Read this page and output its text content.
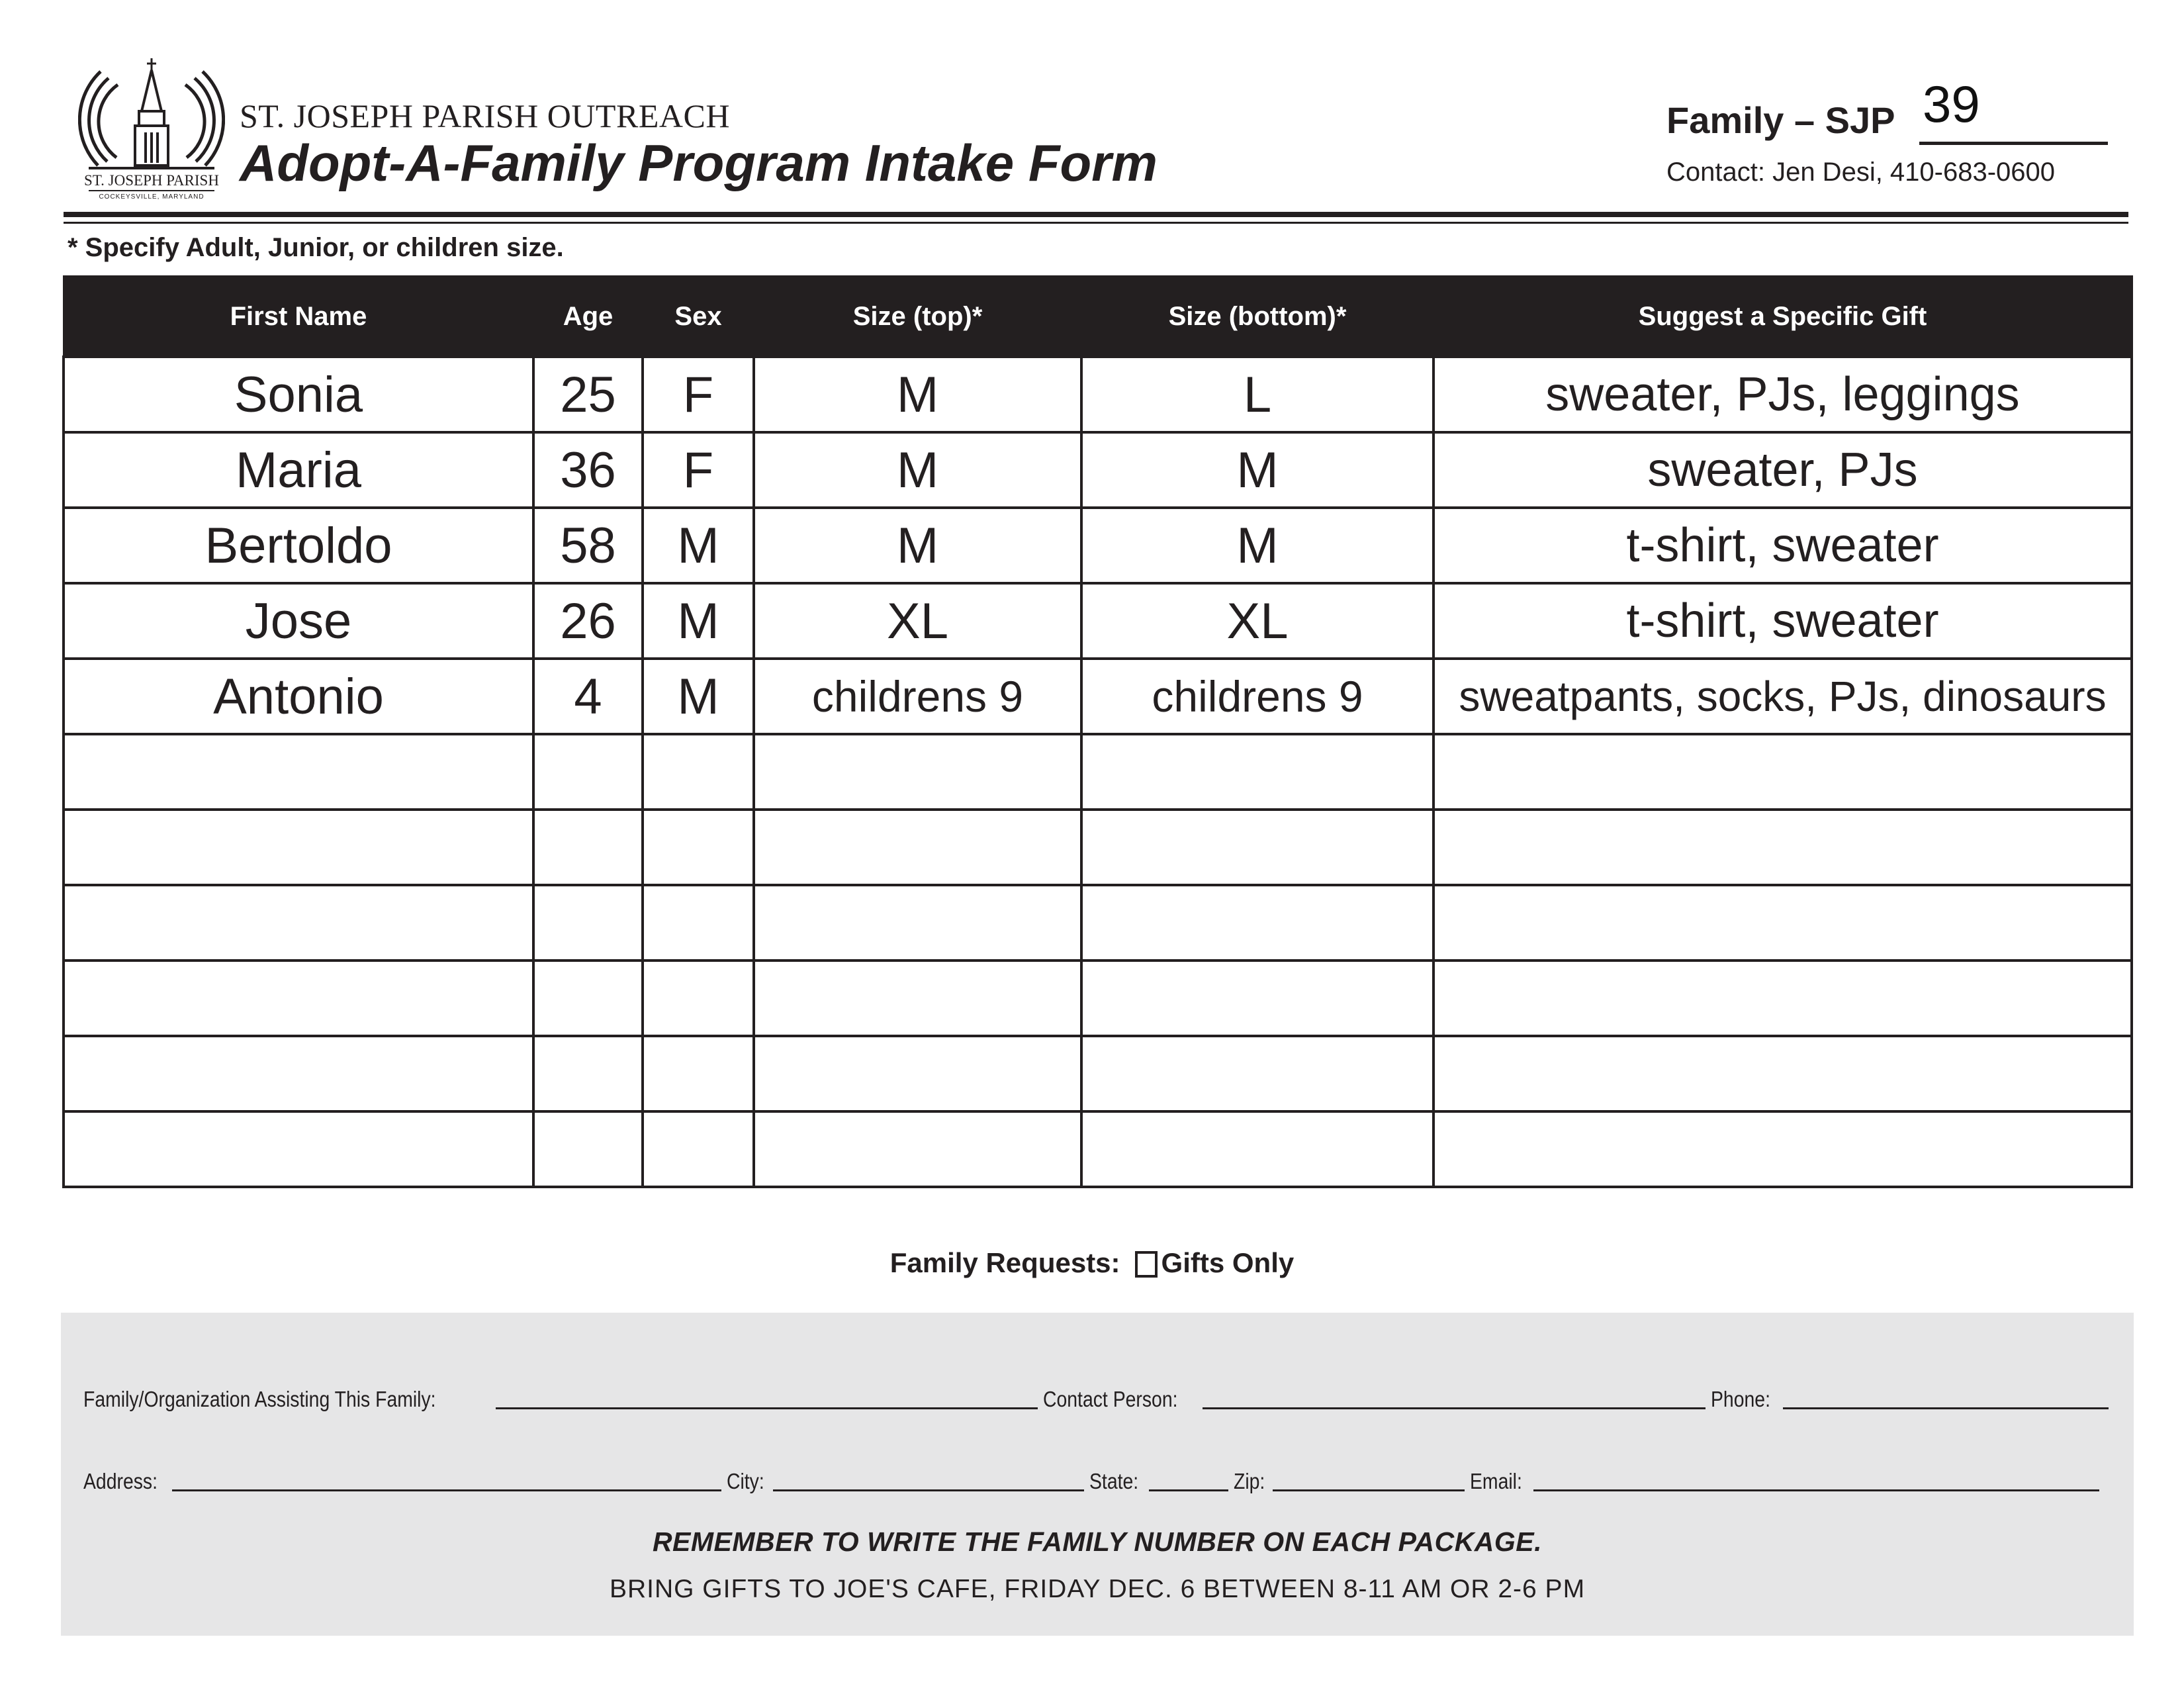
ST. JOSEPH PARISH
COCKEYSVILLE, MARYLAND
ST. JOSEPH PARISH OUTREACH
Adopt-A-Family Program Intake Form
Family – SJP 39
Contact: Jen Desi, 410-683-0600
* Specify Adult, Junior, or children size.
First Name	Age	Sex	Size (top)*	Size (bottom)*	Suggest a Specific Gift
Sonia	25	F	M	L	sweater, PJs, leggings
Maria	36	F	M	M	sweater, PJs
Bertoldo	58	M	M	M	t-shirt, sweater
Jose	26	M	XL	XL	t-shirt, sweater
Antonio	4	M	childrens 9	childrens 9	sweatpants, socks, PJs, dinosaurs

Family Requests: Gifts Only
Family/Organization Assisting This Family:	Contact Person:	Phone:
Address:	City:	State:	Zip:	Email:
REMEMBER TO WRITE THE FAMILY NUMBER ON EACH PACKAGE.
BRING GIFTS TO JOE'S CAFE, FRIDAY DEC. 6 BETWEEN 8-11 AM OR 2-6 PM
